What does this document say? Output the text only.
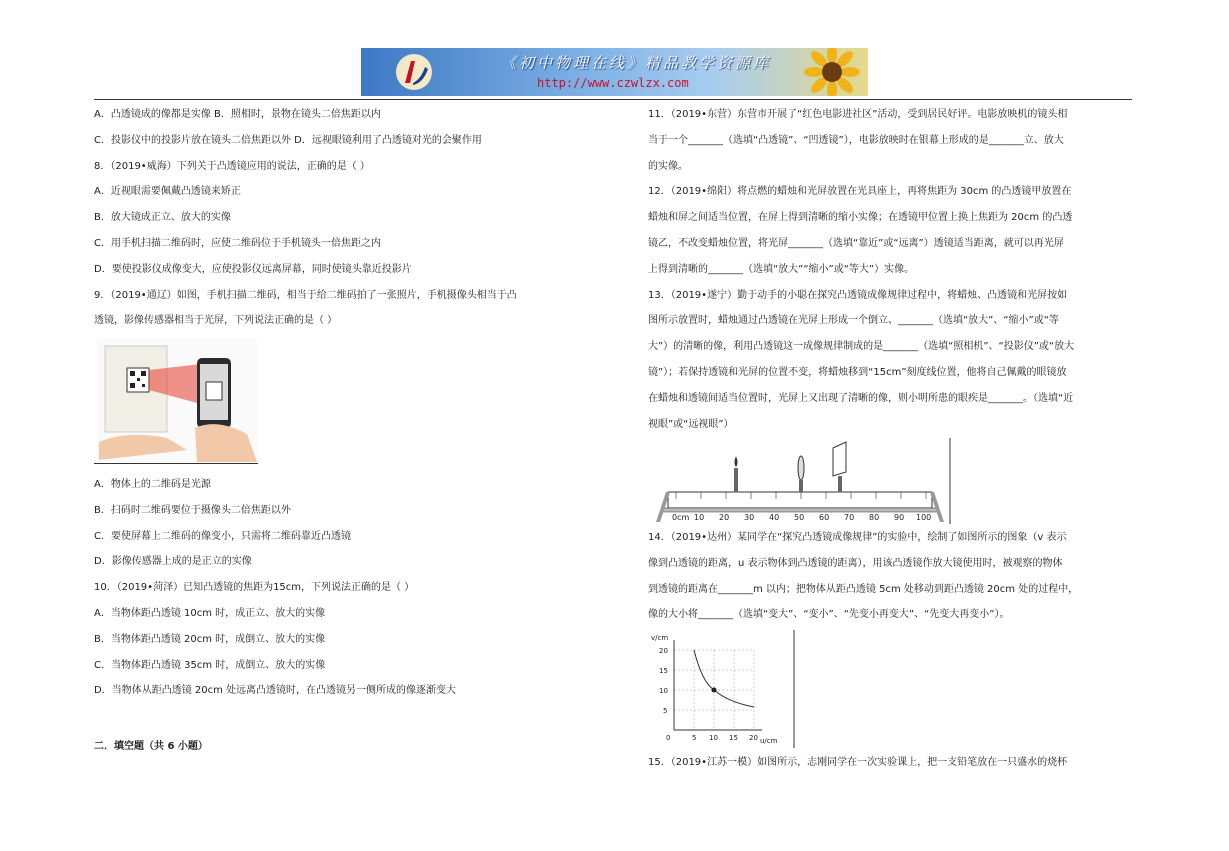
《初中物理在线》精品教学资源库
http://www.czwlzx.com

A．凸透镜成的像都是实像 B．照相时，景物在镜头二倍焦距以内

C．投影仪中的投影片放在镜头二倍焦距以外 D．远视眼镜利用了凸透镜对光的会聚作用

8．（2019•威海）下列关于凸透镜应用的说法，正确的是（ ）

A．近视眼需要佩戴凸透镜来矫正

B．放大镜成正立、放大的实像

C．用手机扫描二维码时，应使二维码位于手机镜头一倍焦距之内

D．要使投影仪成像变大，应使投影仪远离屏幕，同时使镜头靠近投影片

9．（2019•通辽）如图，手机扫描二维码，相当于给二维码拍了一张照片，手机摄像头相当于凸

透镜，影像传感器相当于光屏，下列说法正确的是（ ）

A．物体上的二维码是光源

B．扫码时二维码要位于摄像头二倍焦距以外

C．要使屏幕上二维码的像变小，只需将二维码靠近凸透镜

D．影像传感器上成的是正立的实像

10．（2019•菏泽）已知凸透镜的焦距为15cm，下列说法正确的是（ ）

A．当物体距凸透镜 10cm 时，成正立、放大的实像

B．当物体距凸透镜 20cm 时，成倒立、放大的实像

C．当物体距凸透镜 35cm 时，成倒立、放大的实像

D．当物体从距凸透镜 20cm 处远离凸透镜时，在凸透镜另一侧所成的像逐渐变大

二．填空题（共 6 小题）

11．（2019•东营）东营市开展了“红色电影进社区”活动，受到居民好评。电影放映机的镜头相

当于一个_______（选填“凸透镜”、“凹透镜”），电影放映时在银幕上形成的是_______立、放大

的实像。

12．（2019•绵阳）将点燃的蜡烛和光屏放置在光具座上，再将焦距为 30cm 的凸透镜甲放置在

蜡烛和屏之间适当位置，在屏上得到清晰的缩小实像；在透镜甲位置上换上焦距为 20cm 的凸透

镜乙，不改变蜡烛位置，将光屏_______（选填“靠近”或“远离”）透镜适当距离，就可以再光屏

上得到清晰的_______（选填“放大”“缩小”或“等大”）实像。

13．（2019•遂宁）勤于动手的小聪在探究凸透镜成像规律过程中，将蜡烛、凸透镜和光屏按如

图所示放置时，蜡烛通过凸透镜在光屏上形成一个倒立、_______（选填“放大”、“缩小”或“等

大”）的清晰的像，利用凸透镜这一成像规律制成的是_______（选填“照相机”、“投影仪”或“放大

镜”）；若保持透镜和光屏的位置不变，将蜡烛移到“15cm”刻度线位置，他将自己佩戴的眼镜放

在蜡烛和透镜间适当位置时，光屏上又出现了清晰的像，则小明所患的眼疾是_______。（选填“近

视眼”或“远视眼”）

0cm 10 20 30 40 50 60 70 80 90 100

14．（2019•达州）某同学在“探究凸透镜成像规律”的实验中，绘制了如图所示的图象（v 表示

像到凸透镜的距离，u 表示物体到凸透镜的距离），用该凸透镜作放大镜使用时，被观察的物体

到透镜的距离在_______m 以内；把物体从距凸透镜 5cm 处移动到距凸透镜 20cm 处的过程中，

像的大小将_______（选填“变大”、“变小”、“先变小再变大”、“先变大再变小”）。

v/cm
u/cm
0
5
10
15
20
5 10 15 20

15．（2019•江苏一模）如图所示，志刚同学在一次实验课上，把一支铅笔放在一只盛水的烧杯
